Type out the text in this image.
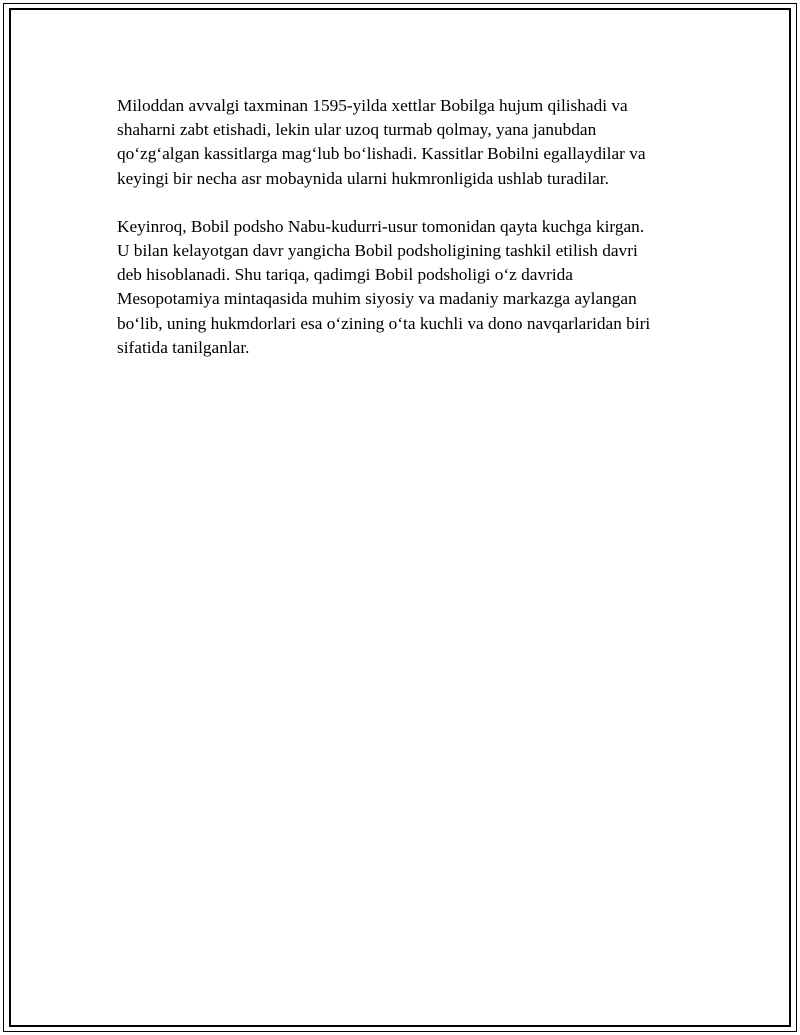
Miloddan avvalgi taxminan 1595-yilda xettlar Bobilga hujum qilishadi va
shaharni zabt etishadi, lekin ular uzoq turmab qolmay, yana janubdan
qo‘zg‘algan kassitlarga mag‘lub bo‘lishadi. Kassitlar Bobilni egallaydilar va
keyingi bir necha asr mobaynida ularni hukmronligida ushlab turadilar.

Keyinroq, Bobil podsho Nabu-kudurri-usur tomonidan qayta kuchga kirgan.
U bilan kelayotgan davr yangicha Bobil podsholigining tashkil etilish davri
deb hisoblanadi. Shu tariqa, qadimgi Bobil podsholigi o‘z davrida
Mesopotamiya mintaqasida muhim siyosiy va madaniy markazga aylangan
bo‘lib, uning hukmdorlari esa o‘zining o‘ta kuchli va dono navqarlaridan biri
sifatida tanilganlar.
